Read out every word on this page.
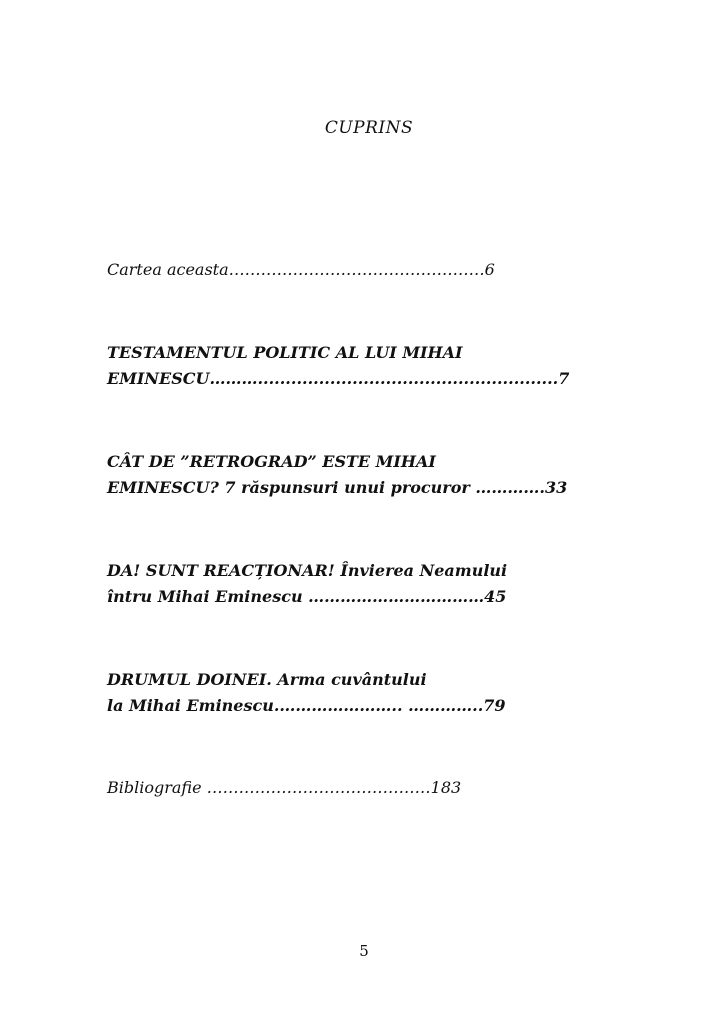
CUPRINS
Cartea aceasta…………………………………………6
TESTAMENTUL POLITIC AL LUI MIHAI
EMINESCU………......................................................7
CÂT DE ”RETROGRAD” ESTE MIHAI
EMINESCU? 7 răspunsuri unui procuror ………….33
DA! SUNT REACȚIONAR! Învierea Neamului
întru Mihai Eminescu ……………………………45
DRUMUL DOINEI. Arma cuvântului
la Mihai Eminescu.………………….. …………..79
Bibliografie ……………………………………183
5
